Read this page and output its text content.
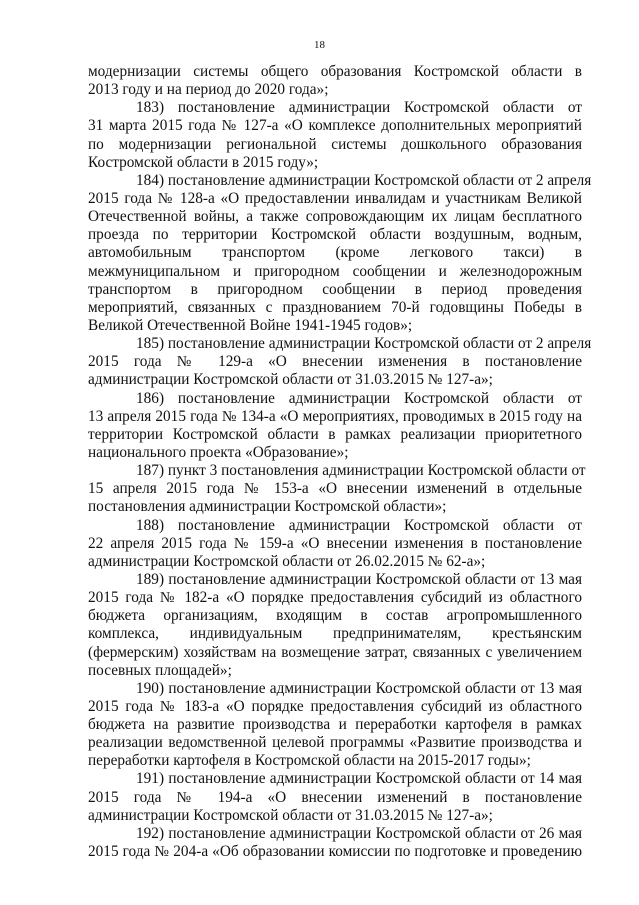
18
модернизации системы общего образования Костромской области в
2013 году и на период до 2020 года»;
183) постановление администрации Костромской области от
31 марта 2015 года № 127-а «О комплексе дополнительных мероприятий
по модернизации региональной системы дошкольного образования
Костромской области в 2015 году»;
184) постановление администрации Костромской области от 2 апреля
2015 года № 128-а «О предоставлении инвалидам и участникам Великой
Отечественной войны, а также сопровождающим их лицам бесплатного
проезда по территории Костромской области воздушным, водным,
автомобильным транспортом (кроме легкового такси) в
межмуниципальном и пригородном сообщении и железнодорожным
транспортом в пригородном сообщении в период проведения
мероприятий, связанных с празднованием 70-й годовщины Победы в
Великой Отечественной Войне 1941-1945 годов»;
185) постановление администрации Костромской области от 2 апреля
2015 года № 129-а «О внесении изменения в постановление
администрации Костромской области от 31.03.2015 № 127-а»;
186) постановление администрации Костромской области от
13 апреля 2015 года № 134-а «О мероприятиях, проводимых в 2015 году на
территории Костромской области в рамках реализации приоритетного
национального проекта «Образование»;
187) пункт 3 постановления администрации Костромской области от
15 апреля 2015 года № 153-а «О внесении изменений в отдельные
постановления администрации Костромской области»;
188) постановление администрации Костромской области от
22 апреля 2015 года № 159-а «О внесении изменения в постановление
администрации Костромской области от 26.02.2015 № 62-а»;
189) постановление администрации Костромской области от 13 мая
2015 года № 182-а «О порядке предоставления субсидий из областного
бюджета организациям, входящим в состав агропромышленного
комплекса, индивидуальным предпринимателям, крестьянским
(фермерским) хозяйствам на возмещение затрат, связанных с увеличением
посевных площадей»;
190) постановление администрации Костромской области от 13 мая
2015 года № 183-а «О порядке предоставления субсидий из областного
бюджета на развитие производства и переработки картофеля в рамках
реализации ведомственной целевой программы «Развитие производства и
переработки картофеля в Костромской области на 2015-2017 годы»;
191) постановление администрации Костромской области от 14 мая
2015 года № 194-а «О внесении изменений в постановление
администрации Костромской области от 31.03.2015 № 127-а»;
192) постановление администрации Костромской области от 26 мая
2015 года № 204-а «Об образовании комиссии по подготовке и проведению
